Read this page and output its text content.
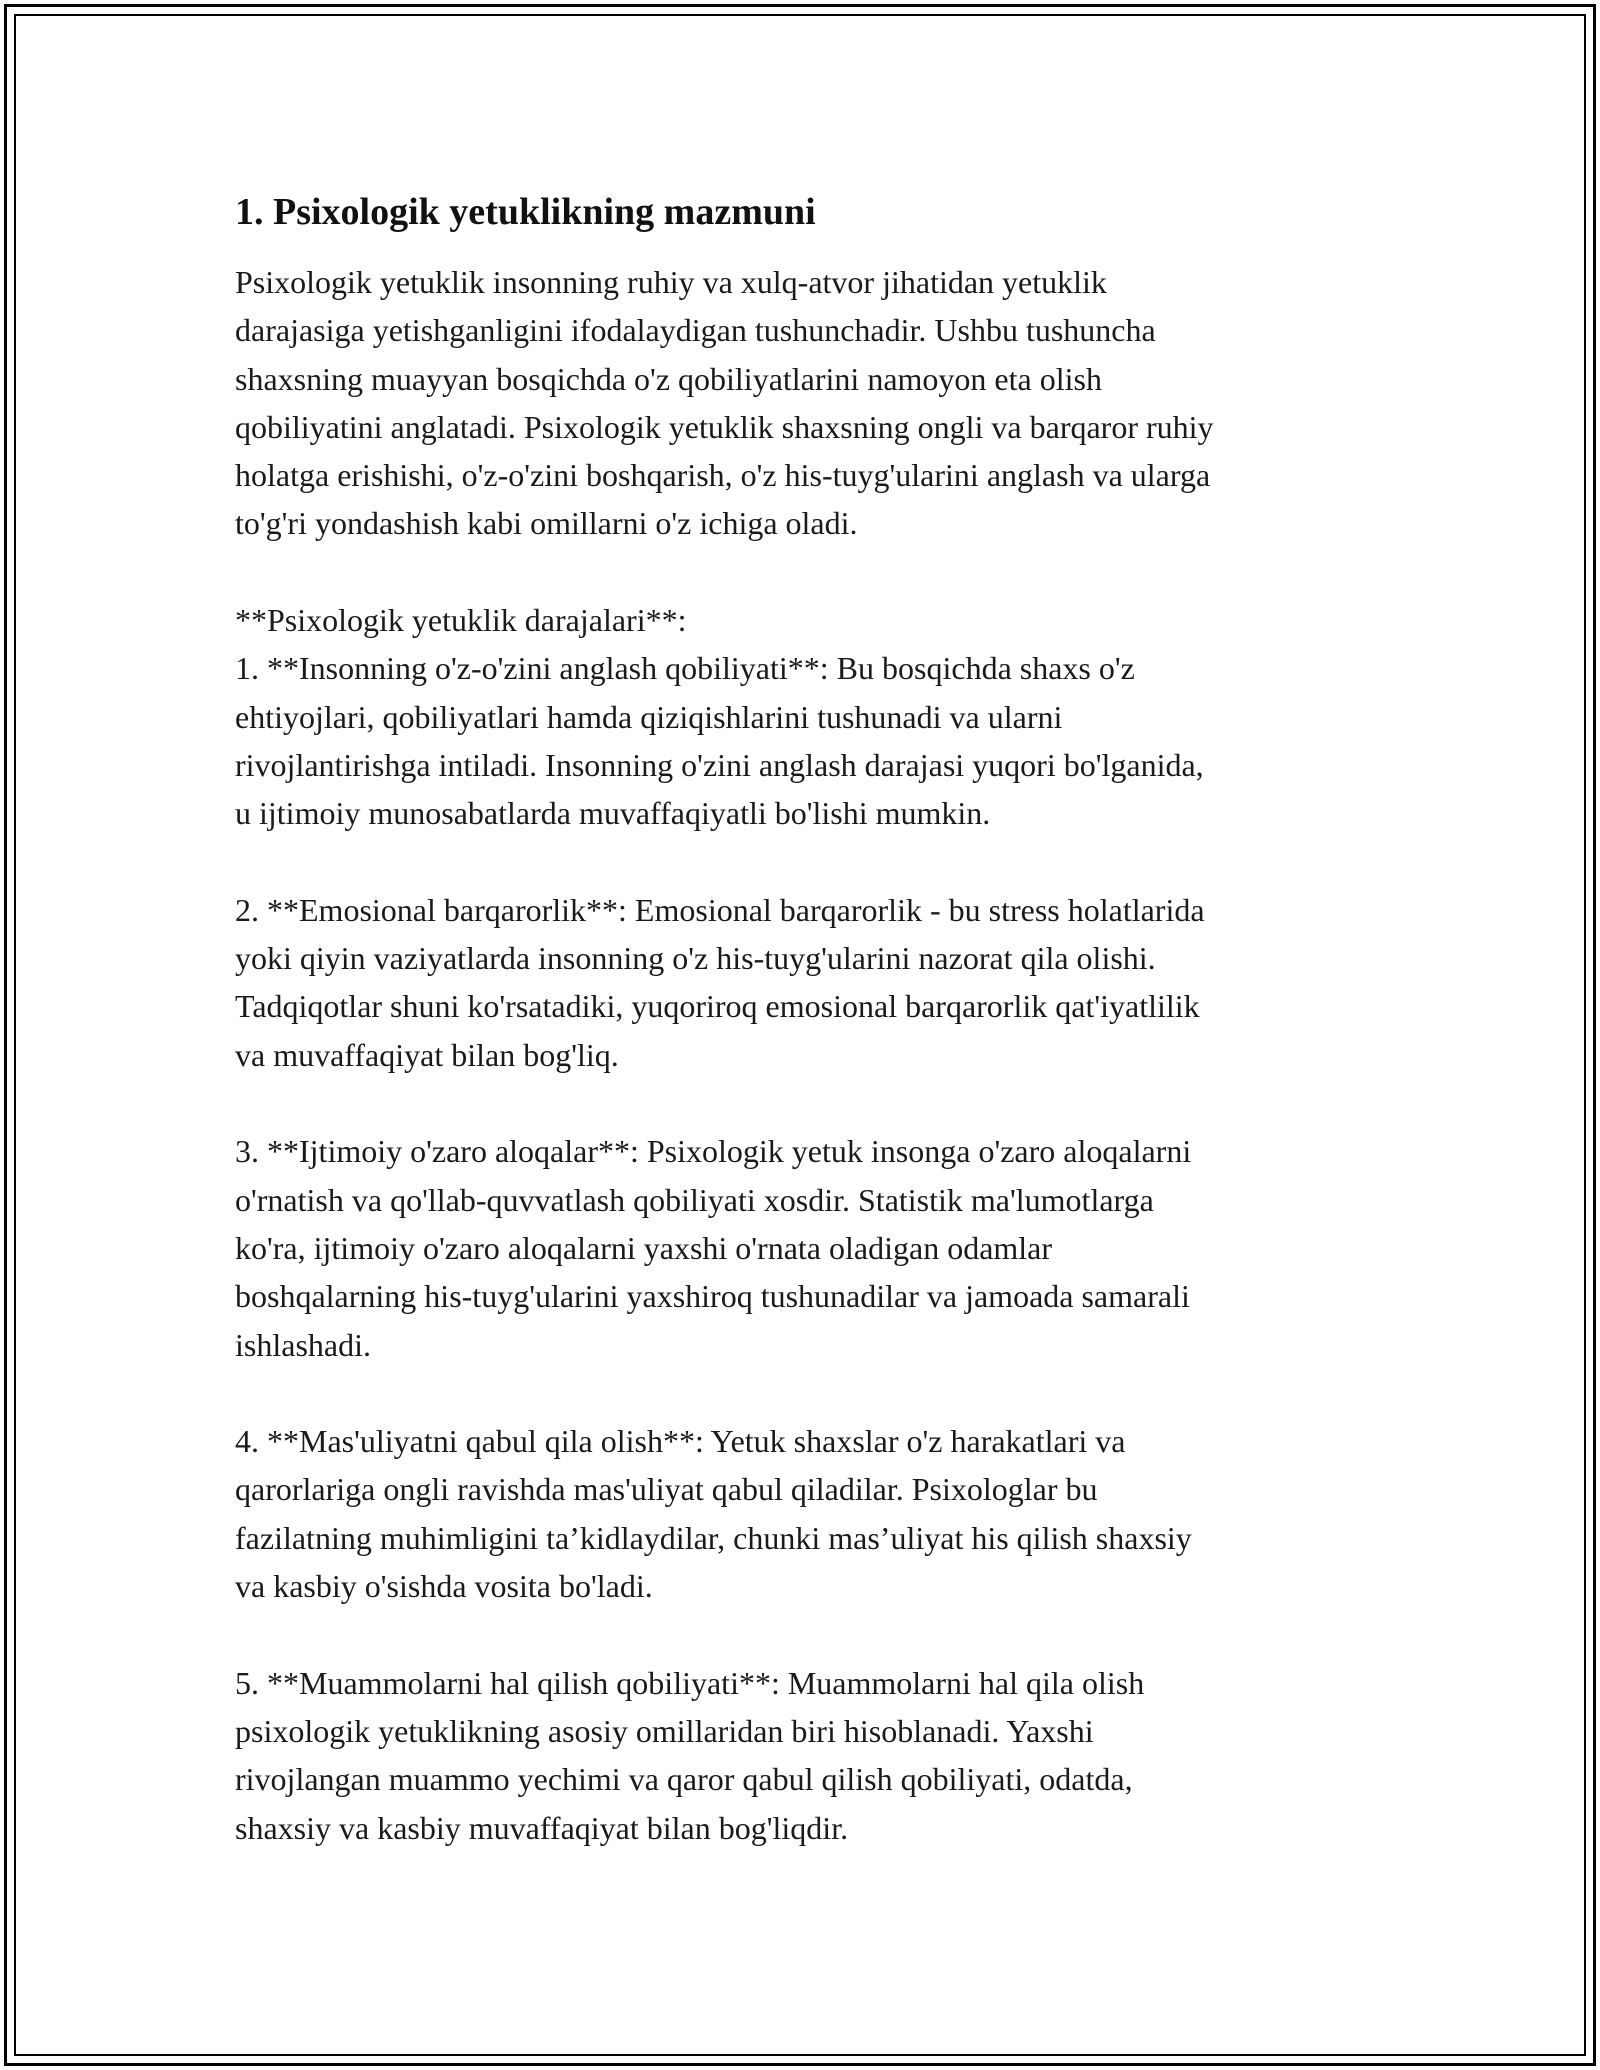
1. Psixologik yetuklikning mazmuni

Psixologik yetuklik insonning ruhiy va xulq-atvor jihatidan yetuklik
darajasiga yetishganligini ifodalaydigan tushunchadir. Ushbu tushuncha
shaxsning muayyan bosqichda o'z qobiliyatlarini namoyon eta olish
qobiliyatini anglatadi. Psixologik yetuklik shaxsning ongli va barqaror ruhiy
holatga erishishi, o'z-o'zini boshqarish, o'z his-tuyg'ularini anglash va ularga
to'g'ri yondashish kabi omillarni o'z ichiga oladi.

**Psixologik yetuklik darajalari**:

1. **Insonning o'z-o'zini anglash qobiliyati**: Bu bosqichda shaxs o'z
ehtiyojlari, qobiliyatlari hamda qiziqishlarini tushunadi va ularni
rivojlantirishga intiladi. Insonning o'zini anglash darajasi yuqori bo'lganida,
u ijtimoiy munosabatlarda muvaffaqiyatli bo'lishi mumkin.

2. **Emosional barqarorlik**: Emosional barqarorlik - bu stress holatlarida
yoki qiyin vaziyatlarda insonning o'z his-tuyg'ularini nazorat qila olishi.
Tadqiqotlar shuni ko'rsatadiki, yuqoriroq emosional barqarorlik qat'iyatlilik
va muvaffaqiyat bilan bog'liq.

3. **Ijtimoiy o'zaro aloqalar**: Psixologik yetuk insonga o'zaro aloqalarni
o'rnatish va qo'llab-quvvatlash qobiliyati xosdir. Statistik ma'lumotlarga
ko'ra, ijtimoiy o'zaro aloqalarni yaxshi o'rnata oladigan odamlar
boshqalarning his-tuyg'ularini yaxshiroq tushunadilar va jamoada samarali
ishlashadi.

4. **Mas'uliyatni qabul qila olish**: Yetuk shaxslar o'z harakatlari va
qarorlariga ongli ravishda mas'uliyat qabul qiladilar. Psixologlar bu
fazilatning muhimligini ta’kidlaydilar, chunki mas’uliyat his qilish shaxsiy
va kasbiy o'sishda vosita bo'ladi.

5. **Muammolarni hal qilish qobiliyati**: Muammolarni hal qila olish
psixologik yetuklikning asosiy omillaridan biri hisoblanadi. Yaxshi
rivojlangan muammo yechimi va qaror qabul qilish qobiliyati, odatda,
shaxsiy va kasbiy muvaffaqiyat bilan bog'liqdir.
